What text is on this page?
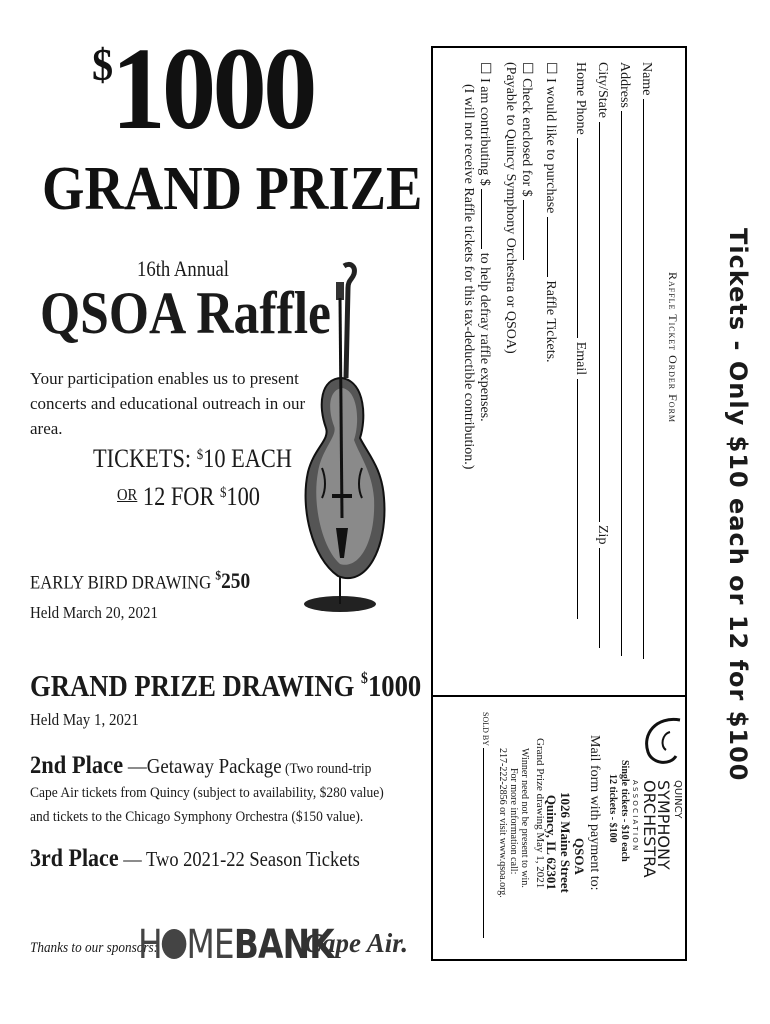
$1000
GRAND PRIZE
16th Annual
QSOA Raffle
Your participation enables us to present concerts and educational outreach in our area.
TICKETS: $10 EACH
$^{OR}$ 12 FOR $100
EARLY BIRD DRAWING $250
Held March 20, 2021
GRAND PRIZE DRAWING $1000
Held May 1, 2021
2nd Place —Getaway Package (Two round-trip Cape Air tickets from Quincy (subject to availability, $280 value) and tickets to the Chicago Symphony Orchestra ($150 value).
3rd Place — Two 2021-22 Season Tickets
Thanks to our sponsors:
H MEBANK
Cape Air.
Tickets - Only $10 each or 12 for $100
Raffle Ticket Order Form
Name
Address
City/State  Zip
Home Phone  Email
☐ I would like to purchase  Raffle Tickets.
☐ Check enclosed for $
(Payable to Quincy Symphony Orchestra or QSOA)
☐ I am contributing $  to help defray raffle expenses.
(I will not receive Raffle tickets for this tax-deductible contribution.)
QUINCY
SYMPHONY
ORCHESTRA
A S S O C I A T I O N
Single tickets - $10 each
12 tickets - $100
Mail form with payment to:
QSOA
1026 Maine Street
Quincy, IL 62301
Grand Prize drawing May 1, 2021
Winner need not be present to win.
For more information call:
217-222-2856 or visit www.qsoa.org.
SOLD BY
